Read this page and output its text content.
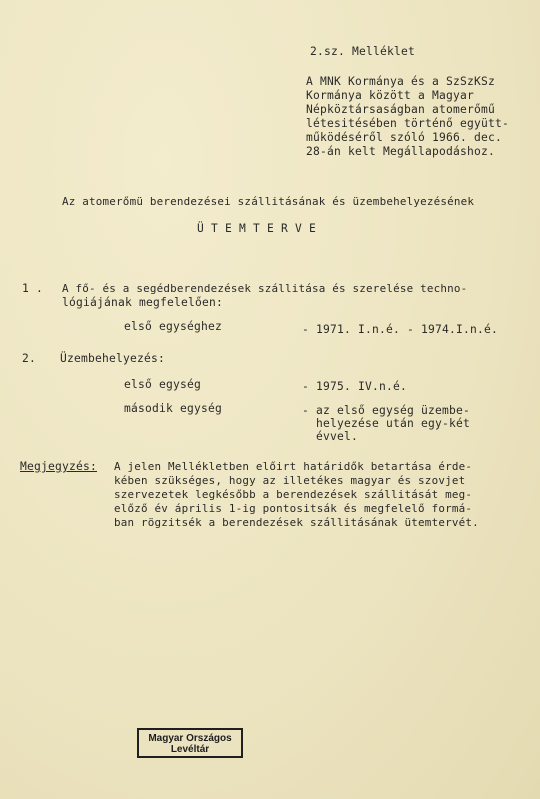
2.sz. Melléklet
A MNK Kormánya és a SzSzKSz
Kormánya között a Magyar
Népköztársaságban atomerőmű
létesitésében történő együtt-
működéséről szóló 1966. dec.
28-án kelt Megállapodáshoz.
Az atomerőmü berendezései szállitásának és üzembehelyezésének
Ü T E M T E R V E
1 . A fő- és a segédberendezések szállitása és szerelése techno-
lógiájának megfelelően:
első egységhez	- 1971. I.n.é. - 1974.I.n.é.
2. Üzembehelyezés:
első egység	- 1975. IV.n.é.
második egység	- az első egység üzembe-
helyezése után egy-két
évvel.
Megjegyzés: A jelen Mellékletben előirt határidők betartása érde-
kében szükséges, hogy az illetékes magyar és szovjet
szervezetek legkésőbb a berendezések szállitását meg-
előző év április 1-ig pontositsák és megfelelő formá-
ban rögzitsék a berendezések szállitásának ütemtervét.
Magyar Országos
Levéltár
